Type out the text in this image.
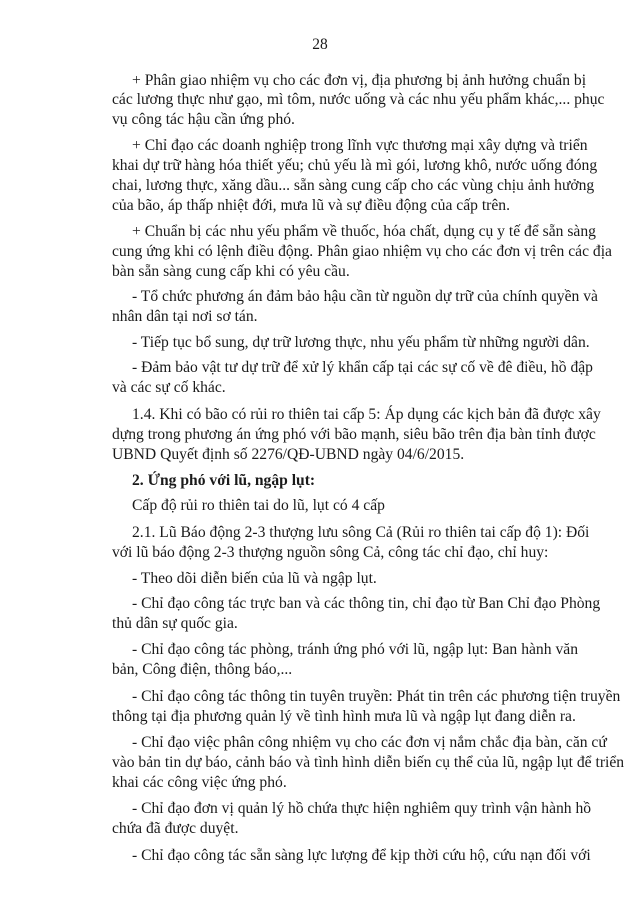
28
+ Phân giao nhiệm vụ cho các đơn vị, địa phương bị ảnh hưởng chuẩn bị
các lương thực như gạo, mì tôm, nước uống và các nhu yếu phẩm khác,... phục
vụ công tác hậu cần ứng phó.
+ Chỉ đạo các doanh nghiệp trong lĩnh vực thương mại xây dựng và triển
khai dự trữ hàng hóa thiết yếu; chủ yếu là mì gói, lương khô, nước uống đóng
chai, lương thực, xăng dầu... sẵn sàng cung cấp cho các vùng chịu ảnh hưởng
của bão, áp thấp nhiệt đới, mưa lũ và sự điều động của cấp trên.
+ Chuẩn bị các nhu yếu phẩm về thuốc, hóa chất, dụng cụ y tế để sẵn sàng
cung ứng khi có lệnh điều động. Phân giao nhiệm vụ cho các đơn vị trên các địa
bàn sẵn sàng cung cấp khi có yêu cầu.
- Tổ chức phương án đảm bảo hậu cần từ nguồn dự trữ của chính quyền và
nhân dân tại nơi sơ tán.
- Tiếp tục bổ sung, dự trữ lương thực, nhu yếu phẩm từ những người dân.
- Đảm bảo vật tư dự trữ để xử lý khẩn cấp tại các sự cố về đê điều, hồ đập
và các sự cố khác.
1.4. Khi có bão có rủi ro thiên tai cấp 5: Áp dụng các kịch bản đã được xây
dựng trong phương án ứng phó với bão mạnh, siêu bão trên địa bàn tỉnh được
UBND Quyết định số 2276/QĐ-UBND ngày 04/6/2015.
2. Ứng phó với lũ, ngập lụt:
Cấp độ rủi ro thiên tai do lũ, lụt có 4 cấp
2.1. Lũ Báo động 2-3 thượng lưu sông Cả (Rủi ro thiên tai cấp độ 1): Đối
với lũ báo động 2-3 thượng nguồn sông Cả, công tác chỉ đạo, chỉ huy:
- Theo dõi diễn biến của lũ và ngập lụt.
- Chỉ đạo công tác trực ban và các thông tin, chỉ đạo từ Ban Chỉ đạo Phòng
thủ dân sự quốc gia.
- Chỉ đạo công tác phòng, tránh ứng phó với lũ, ngập lụt: Ban hành văn
bản, Công điện, thông báo,...
- Chỉ đạo công tác thông tin tuyên truyền: Phát tin trên các phương tiện truyền
thông tại địa phương quản lý về tình hình mưa lũ và ngập lụt đang diễn ra.
- Chỉ đạo việc phân công nhiệm vụ cho các đơn vị nắm chắc địa bàn, căn cứ
vào bản tin dự báo, cảnh báo và tình hình diễn biến cụ thể của lũ, ngập lụt để triển
khai các công việc ứng phó.
- Chỉ đạo đơn vị quản lý hồ chứa thực hiện nghiêm quy trình vận hành hồ
chứa đã được duyệt.
- Chỉ đạo công tác sẵn sàng lực lượng để kịp thời cứu hộ, cứu nạn đối với
